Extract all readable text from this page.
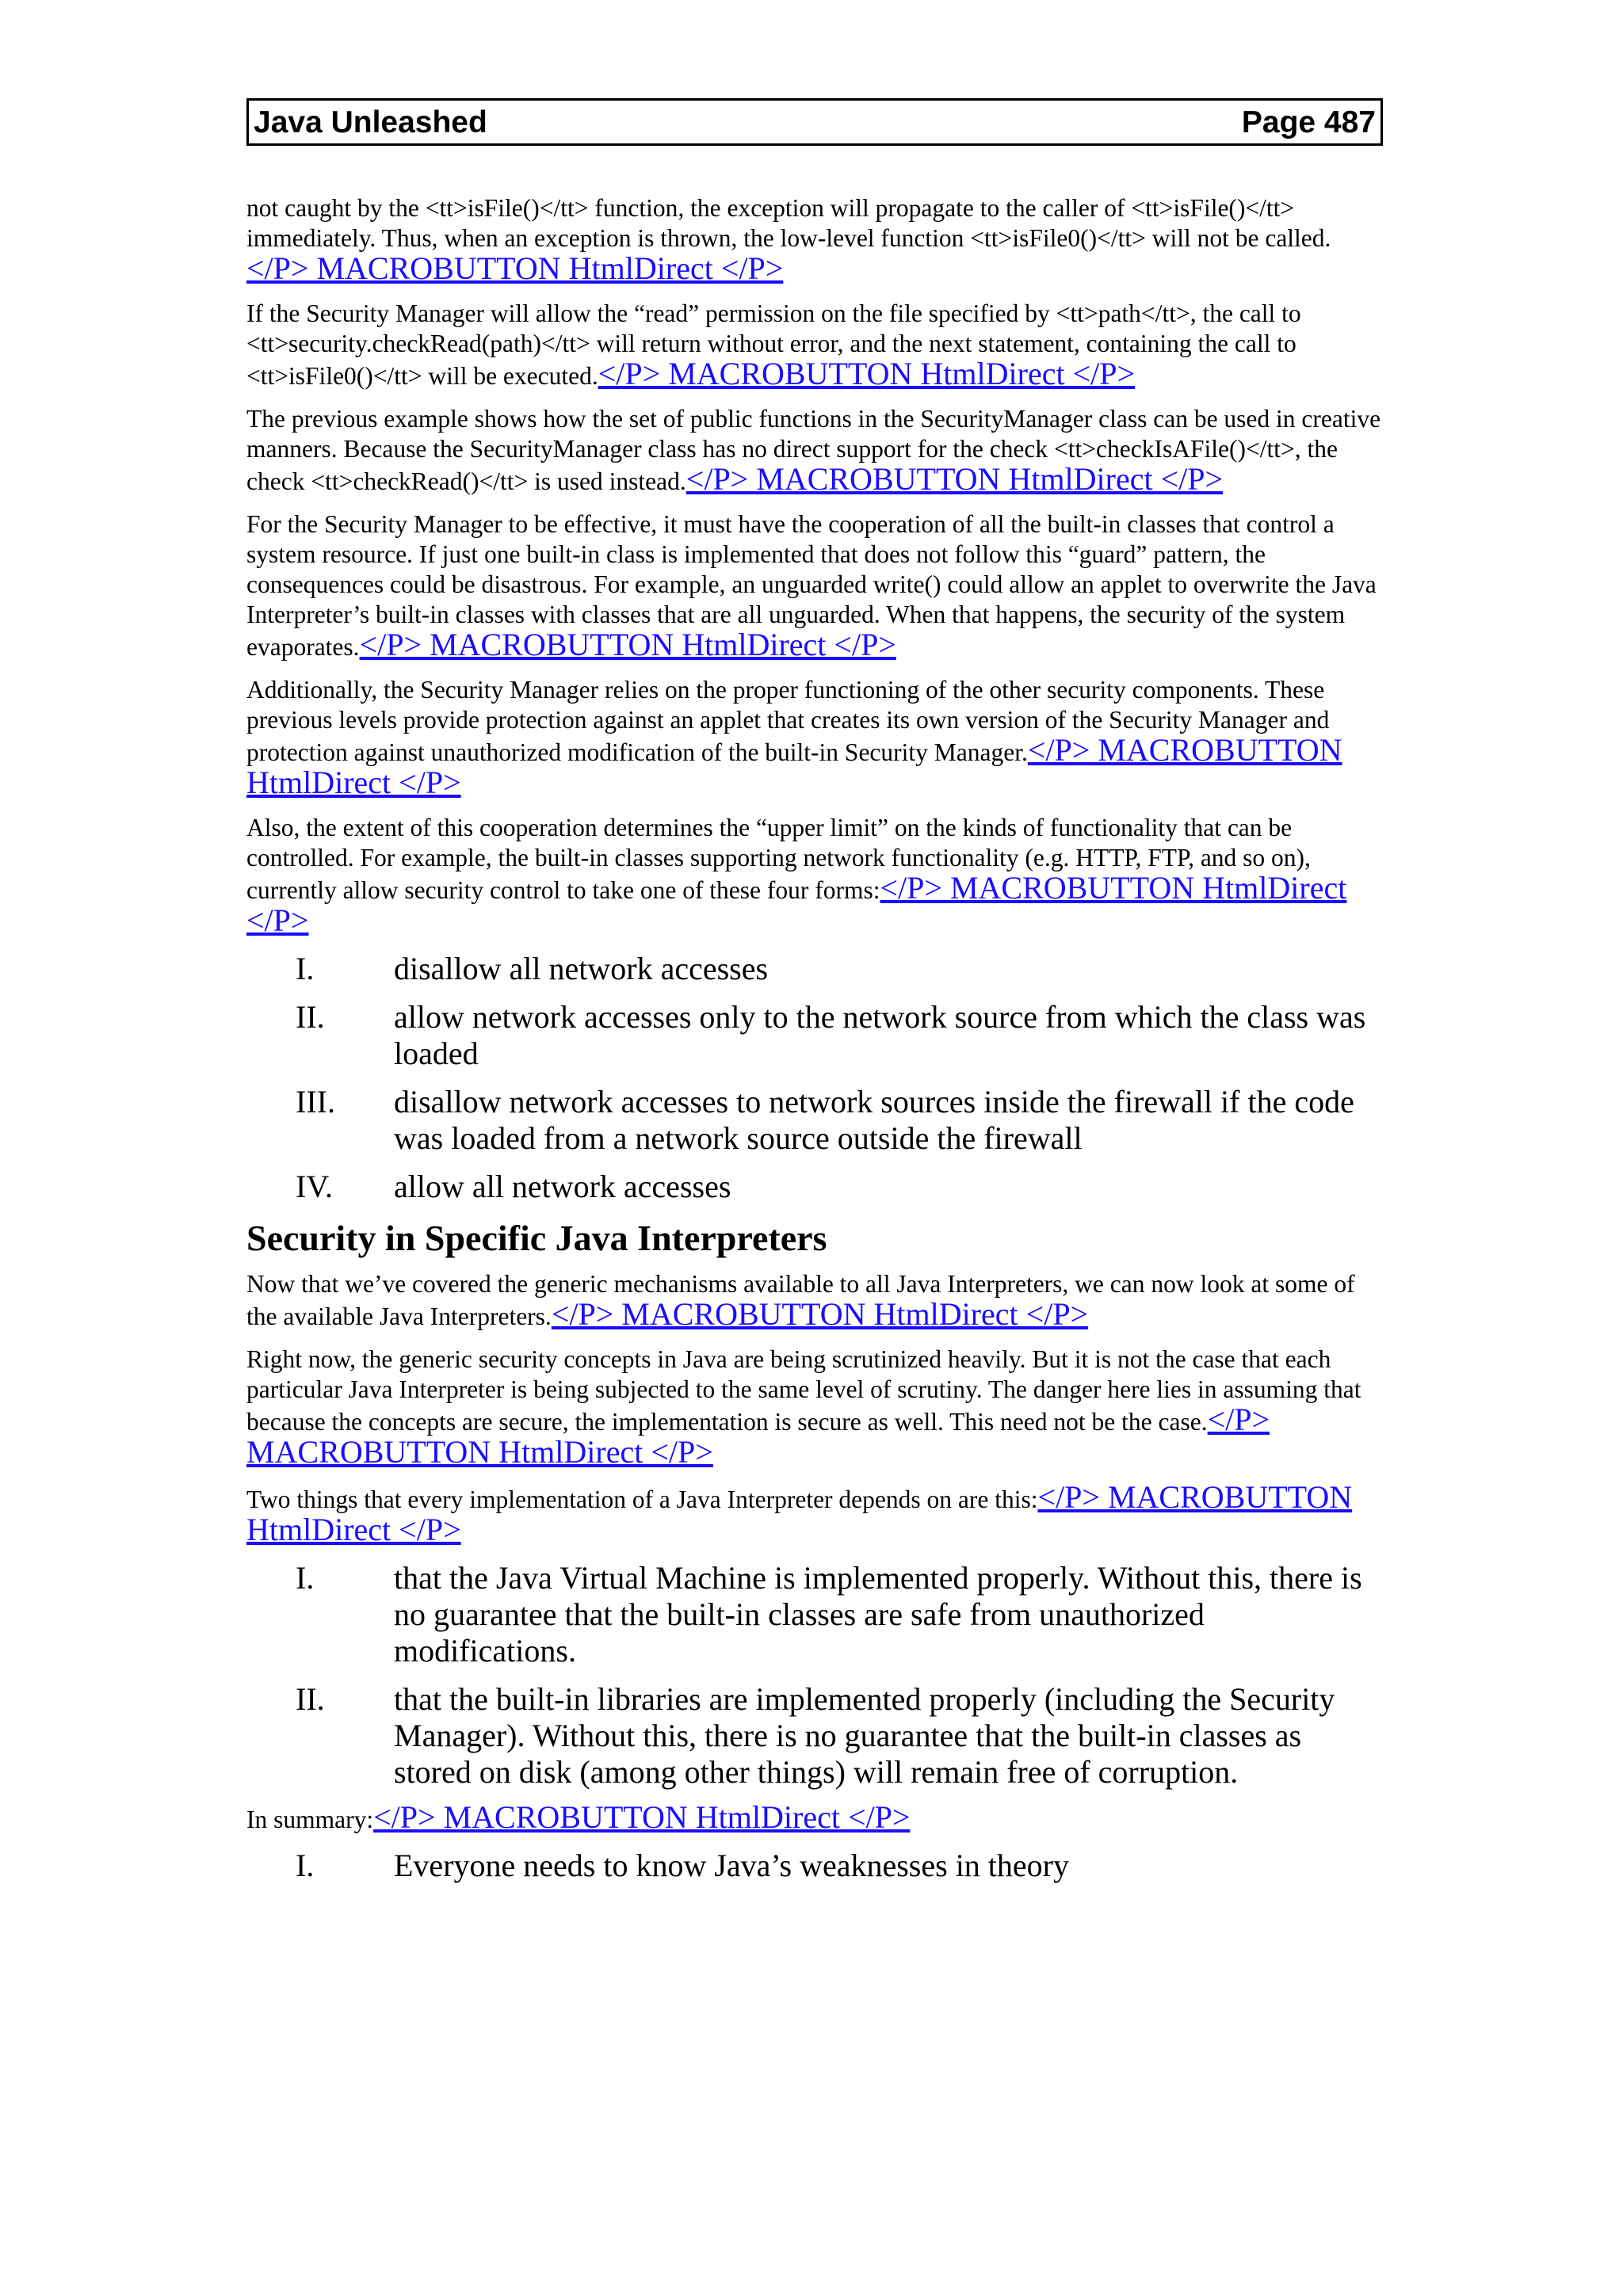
Java Unleashed	Page 487

not caught by the <tt>isFile()</tt> function, the exception will propagate to the caller of <tt>isFile()</tt> immediately. Thus, when an exception is thrown, the low-level function <tt>isFile0()</tt> will not be called.</P> MACROBUTTON HtmlDirect </P>

If the Security Manager will allow the “read” permission on the file specified by <tt>path</tt>, the call to <tt>security.checkRead(path)</tt> will return without error, and the next statement, containing the call to <tt>isFile0()</tt> will be executed.</P> MACROBUTTON HtmlDirect </P>

The previous example shows how the set of public functions in the SecurityManager class can be used in creative manners. Because the SecurityManager class has no direct support for the check <tt>checkIsAFile()</tt>, the check <tt>checkRead()</tt> is used instead.</P> MACROBUTTON HtmlDirect </P>

For the Security Manager to be effective, it must have the cooperation of all the built-in classes that control a system resource. If just one built-in class is implemented that does not follow this “guard” pattern, the consequences could be disastrous. For example, an unguarded write() could allow an applet to overwrite the Java Interpreter’s built-in classes with classes that are all unguarded. When that happens, the security of the system evaporates.</P> MACROBUTTON HtmlDirect </P>

Additionally, the Security Manager relies on the proper functioning of the other security components. These previous levels provide protection against an applet that creates its own version of the Security Manager and protection against unauthorized modification of the built-in Security Manager.</P> MACROBUTTON HtmlDirect </P>

Also, the extent of this cooperation determines the “upper limit” on the kinds of functionality that can be controlled. For example, the built-in classes supporting network functionality (e.g. HTTP, FTP, and so on), currently allow security control to take one of these four forms:</P> MACROBUTTON HtmlDirect </P>

I.	disallow all network accesses
II.	allow network accesses only to the network source from which the class was loaded
III.	disallow network accesses to network sources inside the firewall if the code was loaded from a network source outside the firewall
IV.	allow all network accesses
Security in Specific Java Interpreters

Now that we’ve covered the generic mechanisms available to all Java Interpreters, we can now look at some of the available Java Interpreters.</P> MACROBUTTON HtmlDirect </P>

Right now, the generic security concepts in Java are being scrutinized heavily. But it is not the case that each particular Java Interpreter is being subjected to the same level of scrutiny. The danger here lies in assuming that because the concepts are secure, the implementation is secure as well. This need not be the case.</P> MACROBUTTON HtmlDirect </P>

Two things that every implementation of a Java Interpreter depends on are this:</P> MACROBUTTON HtmlDirect </P>

I.	that the Java Virtual Machine is implemented properly. Without this, there is no guarantee that the built-in classes are safe from unauthorized modifications.
II.	that the built-in libraries are implemented properly (including the Security Manager). Without this, there is no guarantee that the built-in classes as stored on disk (among other things) will remain free of corruption.

In summary:</P> MACROBUTTON HtmlDirect </P>

I.	Everyone needs to know Java’s weaknesses in theory
